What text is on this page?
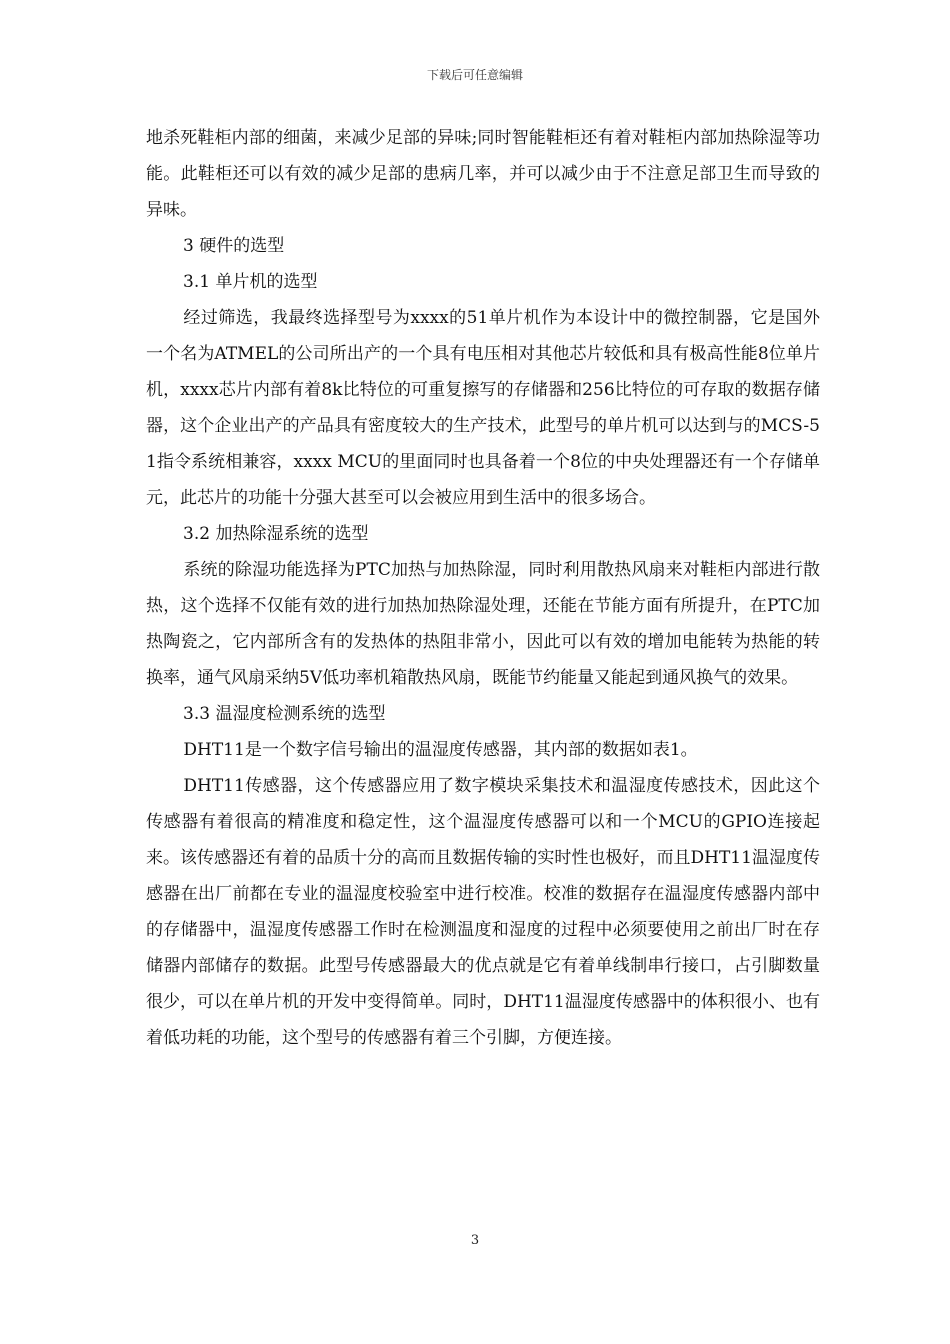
下载后可任意编辑

地杀死鞋柜内部的细菌，来减少足部的异味;同时智能鞋柜还有着对鞋柜内部加热除湿等功能。此鞋柜还可以有效的减少足部的患病几率，并可以减少由于不注意足部卫生而导致的异味。

3 硬件的选型

3.1 单片机的选型

经过筛选，我最终选择型号为xxxx的51单片机作为本设计中的微控制器，它是国外一个名为ATMEL的公司所出产的一个具有电压相对其他芯片较低和具有极高性能8位单片机，xxxx芯片内部有着8k比特位的可重复擦写的存储器和256比特位的可存取的数据存储器，这个企业出产的产品具有密度较大的生产技术，此型号的单片机可以达到与的MCS-51指令系统相兼容，xxxx MCU的里面同时也具备着一个8位的中央处理器还有一个存储单元，此芯片的功能十分强大甚至可以会被应用到生活中的很多场合。

3.2 加热除湿系统的选型

系统的除湿功能选择为PTC加热与加热除湿，同时利用散热风扇来对鞋柜内部进行散热，这个选择不仅能有效的进行加热加热除湿处理，还能在节能方面有所提升，在PTC加热陶瓷之，它内部所含有的发热体的热阻非常小，因此可以有效的增加电能转为热能的转换率，通气风扇采纳5V低功率机箱散热风扇，既能节约能量又能起到通风换气的效果。

3.3 温湿度检测系统的选型

DHT11是一个数字信号输出的温湿度传感器，其内部的数据如表1。

DHT11传感器，这个传感器应用了数字模块采集技术和温湿度传感技术，因此这个传感器有着很高的精准度和稳定性，这个温湿度传感器可以和一个MCU的GPIO连接起来。该传感器还有着的品质十分的高而且数据传输的实时性也极好，而且DHT11温湿度传感器在出厂前都在专业的温湿度校验室中进行校准。校准的数据存在温湿度传感器内部中的存储器中，温湿度传感器工作时在检测温度和湿度的过程中必须要使用之前出厂时在存储器内部储存的数据。此型号传感器最大的优点就是它有着单线制串行接口，占引脚数量很少，可以在单片机的开发中变得简单。同时，DHT11温湿度传感器中的体积很小、也有着低功耗的功能，这个型号的传感器有着三个引脚，方便连接。

3
